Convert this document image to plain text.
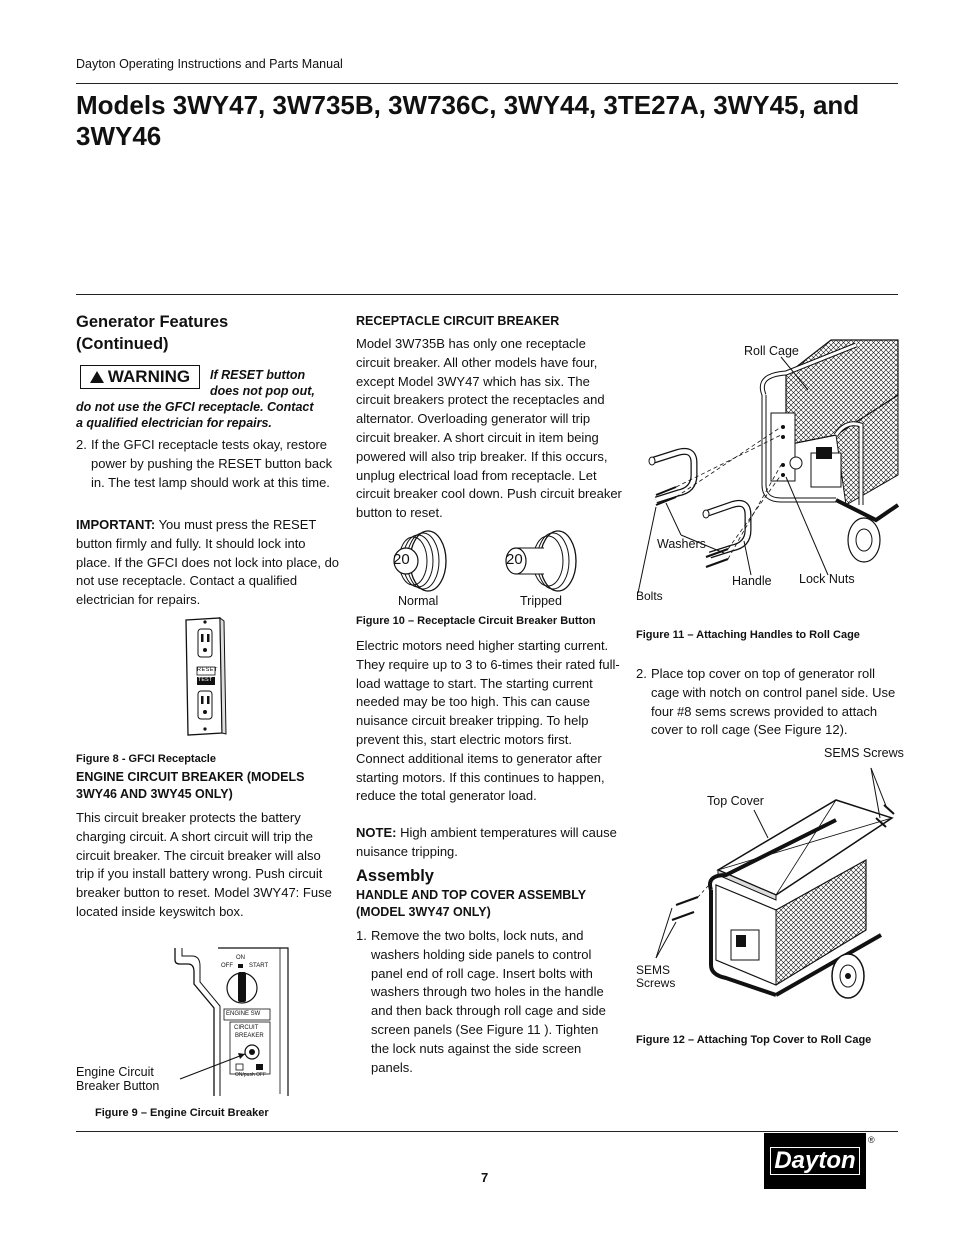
Dayton Operating Instructions and Parts Manual
Models 3WY47, 3W735B, 3W736C, 3WY44, 3TE27A, 3WY45, and 3WY46
Generator Features
(Continued)
WARNING If RESET button
does not pop out,
do not use the GFCI receptacle. Contact
a qualified electrician for repairs.
2. If the GFCI receptacle tests okay, restore power by pushing the RESET button back in. The test lamp should work at this time.
IMPORTANT: You must press the RESET button firmly and fully. It should lock into place. If the GFCI does not lock into place, do not use receptacle. Contact a qualified electrician for repairs.
RESET
TEST
Figure 8 - GFCI Receptacle
ENGINE CIRCUIT BREAKER (MODELS
3WY46 AND 3WY45 ONLY)
This circuit breaker protects the battery charging circuit. A short circuit will trip the circuit breaker. The circuit breaker will also trip if you install battery wrong. Push circuit breaker button to reset. Model 3WY47: Fuse located inside keyswitch box.
ON
OFF	START
ENGINE SW
CIRCUIT
BREAKER
ON/push OFF
Engine Circuit
Breaker Button
Figure 9 – Engine Circuit Breaker
RECEPTACLE CIRCUIT BREAKER
Model 3W735B has only one receptacle circuit breaker. All other models have four, except Model 3WY47 which has six. The circuit breakers protect the receptacles and alternator. Overloading generator will trip circuit breaker. A short circuit in item being powered will also trip breaker. If this occurs, unplug electrical load from receptacle. Let circuit breaker cool down. Push circuit breaker button to reset.
20	20
Normal	Tripped
Figure 10 – Receptacle Circuit Breaker Button
Electric motors need higher starting current. They require up to 3 to 6-times their rated full-load wattage to start. The starting current needed may be too high. This can cause nuisance circuit breaker tripping. To help prevent this, start electric motors first. Connect additional items to generator after starting motors. If this continues to happen, reduce the total generator load.
NOTE: High ambient temperatures will cause nuisance tripping.
Assembly
HANDLE AND TOP COVER ASSEMBLY
(MODEL 3WY47 ONLY)
1. Remove the two bolts, lock nuts, and washers holding side panels to control panel end of roll cage. Insert bolts with washers through two holes in the handle and then back through roll cage and side screen panels (See Figure 11 ). Tighten the lock nuts against the side screen panels.
Roll Cage
Washers
Handle Lock Nuts
Bolts
Figure 11 – Attaching Handles to Roll Cage
2. Place top cover on top of generator roll cage with notch on control panel side. Use four #8 sems screws provided to attach cover to roll cage (See Figure 12).
SEMS Screws
Top Cover
SEMS
Screws
Figure 12 – Attaching Top Cover to Roll Cage
7
Dayton
®
